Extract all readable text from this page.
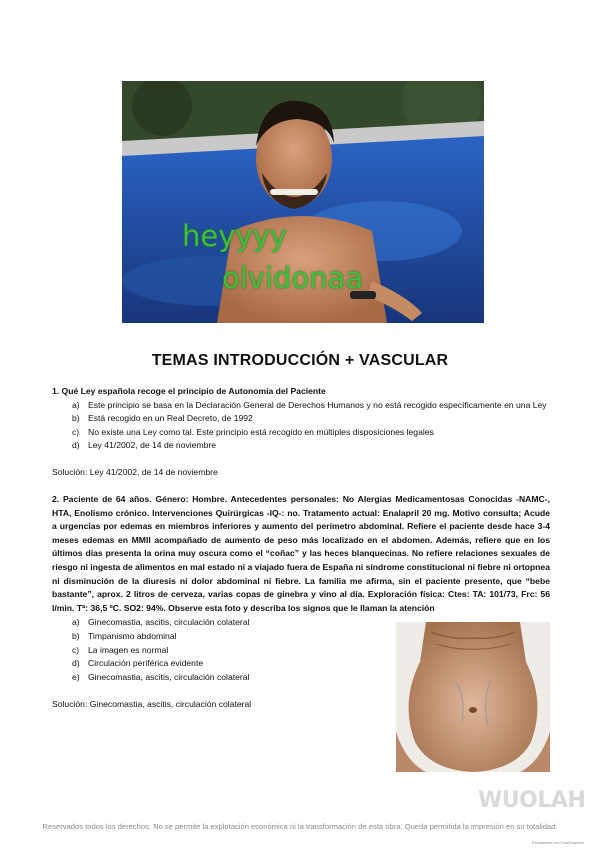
heyyyy
olvidonaa
TEMAS INTRODUCCIÓN + VASCULAR
1. Qué Ley española recoge el principio de Autonomía del Paciente
a) Este principio se basa en la Declaración General de Derechos Humanos y no está recogido específicamente en una Ley
b) Está recogido en un Real Decreto, de 1992
c) No existe una Ley como tal. Este principio está recogido en múltiples disposiciones legales
d) Ley 41/2002, de 14 de noviembre
Solución: Ley 41/2002, de 14 de noviembre
2. Paciente de 64 años. Género: Hombre. Antecedentes personales: No Alergias Medicamentosas Conocidas -NAMC-, HTA, Enolismo crónico. Intervenciones Quirúrgicas -IQ-: no. Tratamento actual: Enalapril 20 mg. Motivo consulta; Acude a urgencias por edemas en miembros inferiores y aumento del perímetro abdominal. Refiere el paciente desde hace 3-4 meses edemas en MMII acompañado de aumento de peso más localizado en el abdomen. Además, refiere que en los últimos días presenta la orina muy oscura como el “coñac” y las heces blanquecinas. No refiere relaciones sexuales de riesgo ni ingesta de alimentos en mal estado ni a viajado fuera de España ni síndrome constitucional ni fiebre ni ortopnea ni disminución de la diuresis ni dolor abdominal ni fiebre. La familia me afirma, sin el paciente presente, que “bebe bastante”, aprox. 2 litros de cerveza, varias copas de ginebra y vino al día. Exploración física: Ctes: TA: 101/73, Frc: 56 l/min. Tª: 36,5 ºC. SO2: 94%. Observe esta foto y describa los signos que le llaman la atención
a) Ginecomastia, ascitis, circulación colateral
b) Timpanismo abdominal
c) La imagen es normal
d) Circulación periférica evidente
e) Ginecomastia, ascitis, circulación colateral
Solución: Ginecomastia, ascitis, circulación colateral
WUOLAH
Reservados todos los derechos. No se permite la explotación económica ni la transformación de esta obra. Queda permitida la impresión en su totalidad.
Escaneado con CamScanner
